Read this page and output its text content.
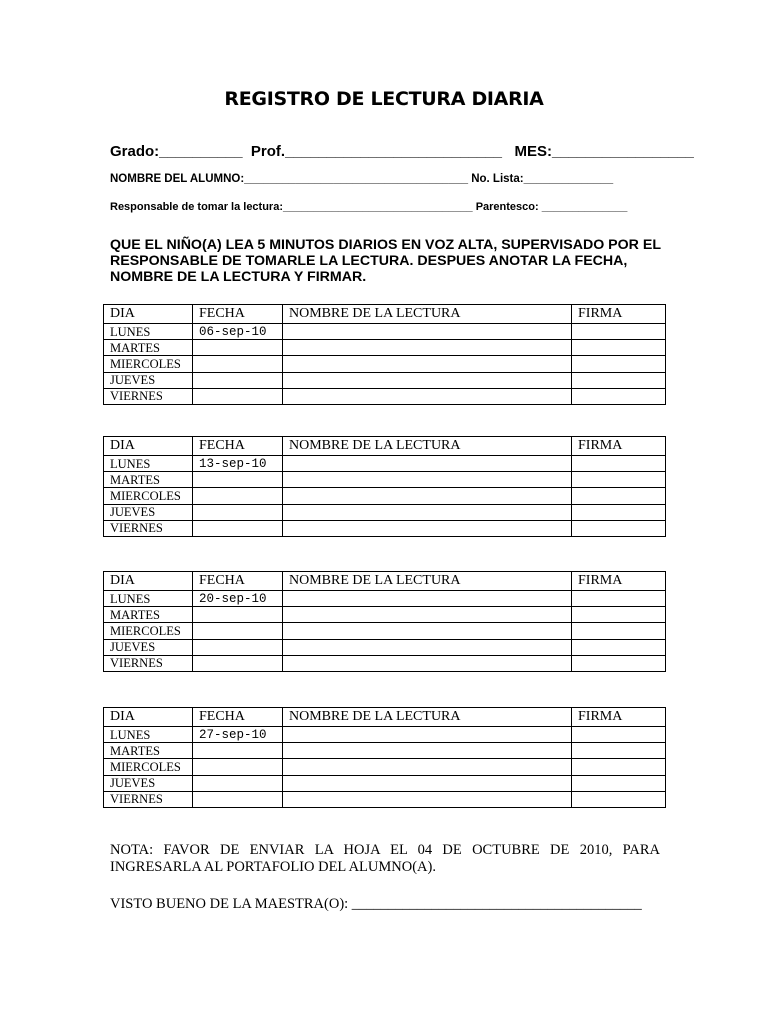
REGISTRO DE LECTURA DIARIA
Grado:__________  Prof.__________________________   MES:_________________
NOMBRE DEL ALUMNO:___________________________________ No. Lista:______________
Responsable de tomar la lectura:_______________________________ Parentesco: ______________
QUE EL NIÑO(A) LEA 5 MINUTOS DIARIOS EN VOZ ALTA, SUPERVISADO POR EL RESPONSABLE DE TOMARLE LA LECTURA. DESPUES ANOTAR LA FECHA, NOMBRE DE LA LECTURA Y FIRMAR.
DIA	FECHA	NOMBRE DE LA LECTURA	FIRMA
LUNES	06-sep-10		
MARTES			
MIERCOLES			
JUEVES			
VIERNES			
DIA	FECHA	NOMBRE DE LA LECTURA	FIRMA
LUNES	13-sep-10		
MARTES			
MIERCOLES			
JUEVES			
VIERNES			
DIA	FECHA	NOMBRE DE LA LECTURA	FIRMA
LUNES	20-sep-10		
MARTES			
MIERCOLES			
JUEVES			
VIERNES			
DIA	FECHA	NOMBRE DE LA LECTURA	FIRMA
LUNES	27-sep-10		
MARTES			
MIERCOLES			
JUEVES			
VIERNES			
NOTA: FAVOR DE ENVIAR LA HOJA EL 04 DE OCTUBRE DE 2010, PARA INGRESARLA AL PORTAFOLIO DEL ALUMNO(A).
VISTO BUENO DE LA MAESTRA(O): ________________________________________
